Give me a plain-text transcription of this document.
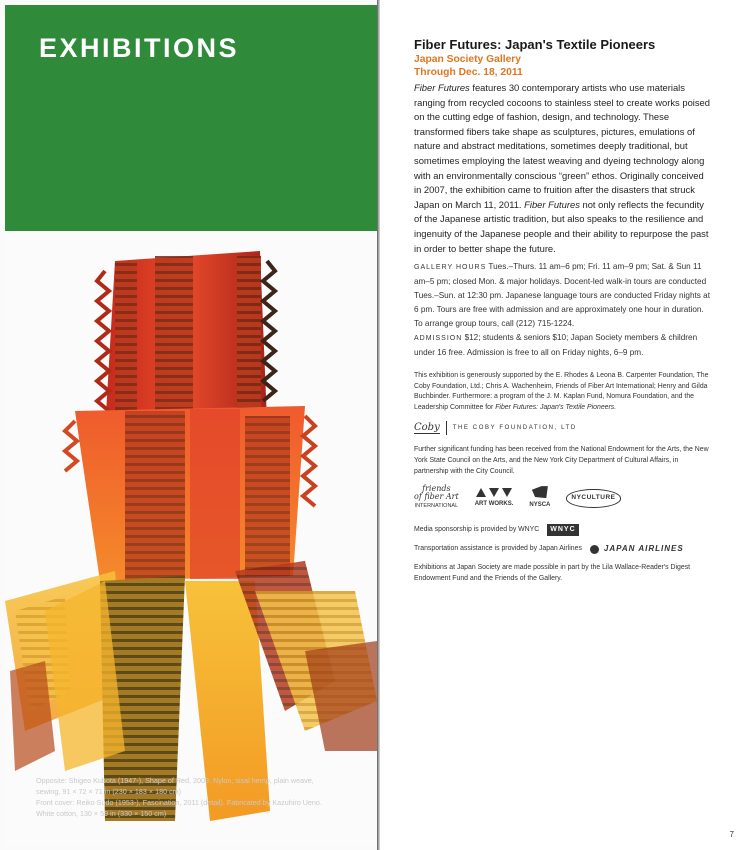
EXHIBITIONS

Opposite: Shigeo Kubota (1947-), Shape of Red, 2009. Nylon, sisal hemp, plain weave,

sewing, 91 × 72 × 71 in (230 × 183 × 180 cm)

Front cover: Reiko Sudo (1953-), Fascination, 2011 (detail). Fabricated by Kazuhiro Ueno.

White cotton, 130 × 59 in (330 × 150 cm)

Fiber Futures: Japan's Textile Pioneers
Japan Society Gallery
Through Dec. 18, 2011

Fiber Futures features 30 contemporary artists who use materials ranging from recycled cocoons to stainless steel to create works poised on the cutting edge of fashion, design, and technology. These transformed fibers take shape as sculptures, pictures, emulations of nature and abstract meditations, sometimes deeply traditional, but sometimes employing the latest weaving and dyeing technology along with an environmentally conscious “green” ethos. Originally conceived in 2007, the exhibition came to fruition after the disasters that struck Japan on March 11, 2011. Fiber Futures not only reflects the fecundity of the Japanese artistic tradition, but also speaks to the resilience and ingenuity of the Japanese people and their ability to repurpose the past in order to better shape the future.

GALLERY HOURS Tues.–Thurs. 11 am–6 pm; Fri. 11 am–9 pm; Sat. & Sun 11 am–5 pm; closed Mon. & major holidays. Docent-led walk-in tours are conducted Tues.–Sun. at 12:30 pm. Japanese language tours are conducted Friday nights at 6 pm. Tours are free with admission and are approximately one hour in duration. To arrange group tours, call (212) 715-1224.

ADMISSION $12; students & seniors $10; Japan Society members & children under 16 free. Admission is free to all on Friday nights, 6–9 pm.

This exhibition is generously supported by the E. Rhodes & Leona B. Carpenter Foundation, The Coby Foundation, Ltd.; Chris A. Wachenheim, Friends of Fiber Art International; Henry and Gilda Buchbinder. Furthermore: a program of the J. M. Kaplan Fund, Nomura Foundation, and the Leadership Committee for Fiber Futures: Japan's Textile Pioneers.

Coby THE COBY FOUNDATION, LTD

Further significant funding has been received from the National Endowment for the Arts, the New York State Council on the Arts, and the New York City Department of Cultural Affairs, in partnership with the City Council.

friends
of fiber Art
INTERNATIONAL	ART WORKS.	NYSCA
NYCULTURE
Media sponsorship is provided by WNYC	WNYC
Transportation assistance is provided by Japan Airlines	JAPAN AIRLINES

Exhibitions at Japan Society are made possible in part by the Lila Wallace-Reader's Digest Endowment Fund and the Friends of the Gallery.

7
